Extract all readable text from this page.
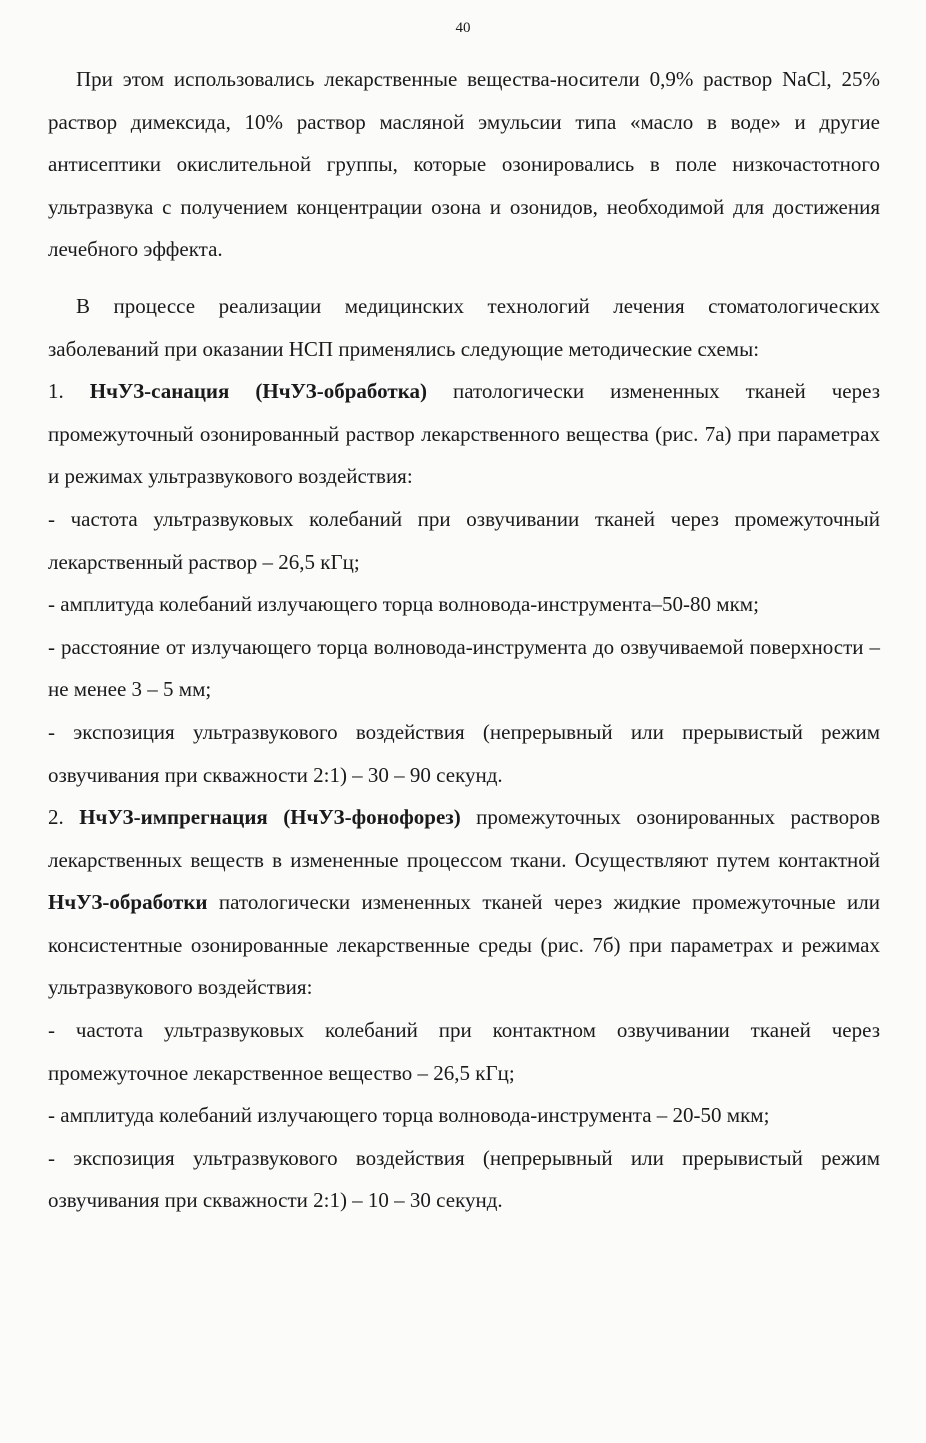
40

При этом использовались лекарственные вещества-носители 0,9% раствор NaCl, 25% раствор димексида, 10% раствор масляной эмульсии типа «масло в воде» и другие антисептики окислительной группы, которые озонировались в поле низкочастотного ультразвука с получением концентрации озона и озонидов, необходимой для достижения лечебного эффекта.

В процессе реализации медицинских технологий лечения стоматологических заболеваний при оказании НСП применялись следующие методические схемы:

1. НчУЗ-санация (НчУЗ-обработка) патологически измененных тканей через промежуточный озонированный раствор лекарственного вещества (рис. 7а) при параметрах и режимах ультразвукового воздействия:

- частота ультразвуковых колебаний при озвучивании тканей через промежуточный лекарственный раствор – 26,5 кГц;

- амплитуда колебаний излучающего торца волновода-инструмента–50-80 мкм;

- расстояние от излучающего торца волновода-инструмента до озвучиваемой поверхности – не менее 3 – 5 мм;

- экспозиция ультразвукового воздействия (непрерывный или прерывистый режим озвучивания при скважности 2:1) – 30 – 90 секунд.

2. НчУЗ-импрегнация (НчУЗ-фонофорез) промежуточных озонированных растворов лекарственных веществ в измененные процессом ткани. Осуществляют путем контактной НчУЗ-обработки патологически измененных тканей через жидкие промежуточные или консистентные озонированные лекарственные среды (рис. 7б) при параметрах и режимах ультразвукового воздействия:

- частота ультразвуковых колебаний при контактном озвучивании тканей через промежуточное лекарственное вещество – 26,5 кГц;

- амплитуда колебаний излучающего торца волновода-инструмента – 20-50 мкм;

- экспозиция ультразвукового воздействия (непрерывный или прерывистый режим озвучивания при скважности 2:1) – 10 – 30 секунд.
